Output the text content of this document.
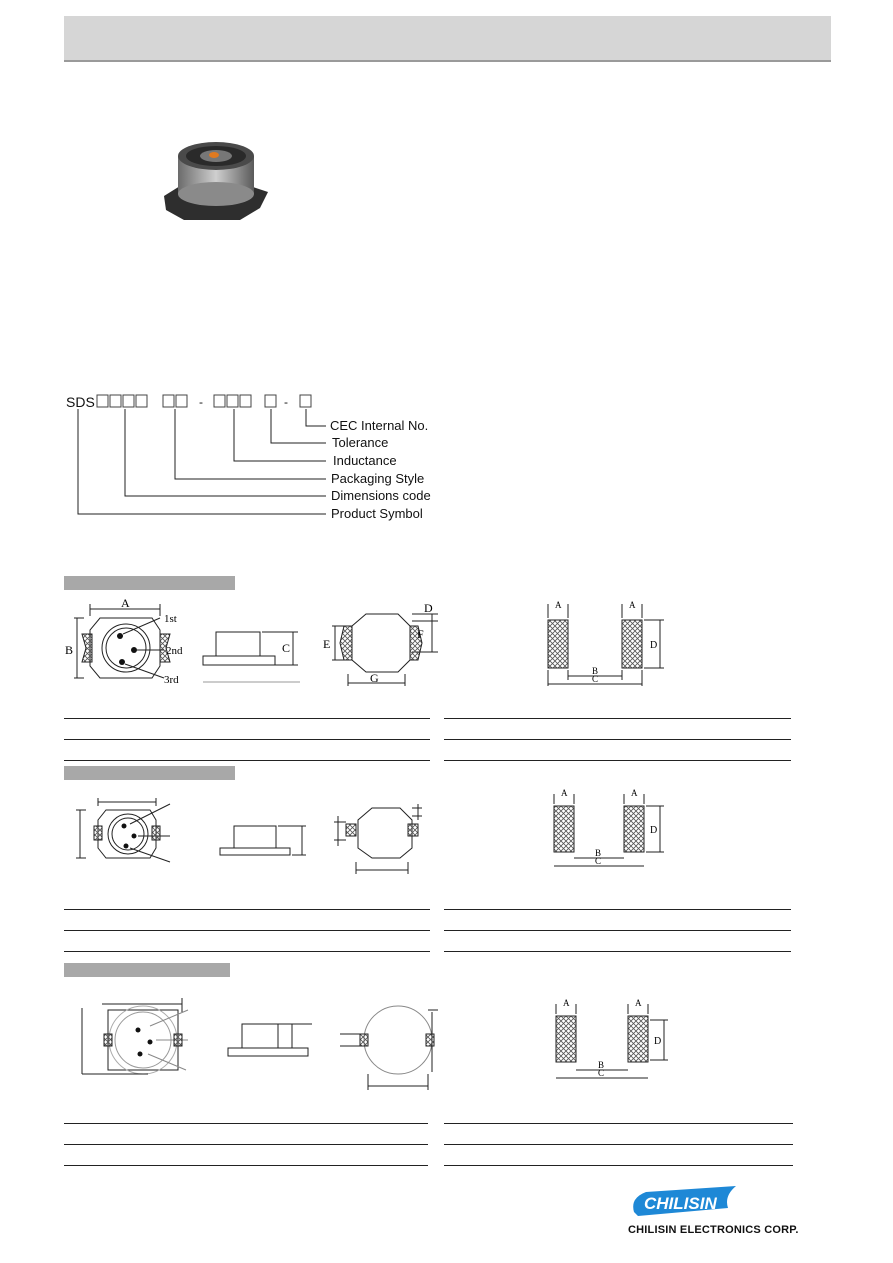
SDS	-	-
CEC Internal No.
Tolerance
Inductance
Packaging Style
Dimensions code
Product Symbol
A
B
1st
2nd
3rd
C	E
F
D
G
A	A
B
C
D
A	A
B
C
D
A	A
B
C
D
CHILISIN
CHILISIN ELECTRONICS CORP.
